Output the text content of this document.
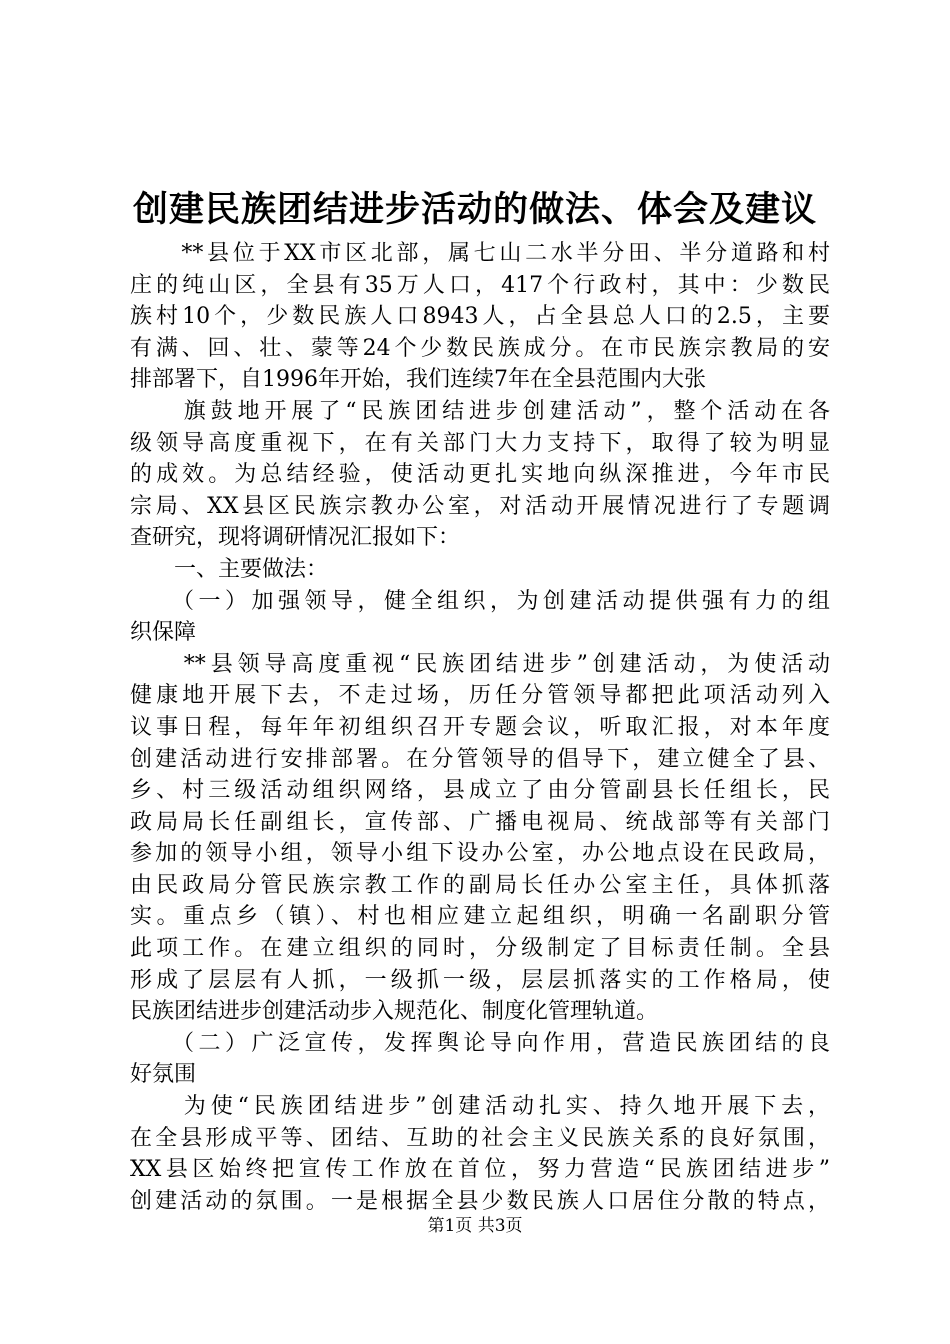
创建民族团结进步活动的做法、体会及建议
　　**县位于XX市区北部，属七山二水半分田、半分道路和村
庄的纯山区，全县有35万人口，417个行政村，其中：少数民
族村10个，少数民族人口8943人，占全县总人口的2.5，主要
有满、回、壮、蒙等24个少数民族成分。在市民族宗教局的安
排部署下，自1996年开始，我们连续7年在全县范围内大张
　　旗鼓地开展了“民族团结进步创建活动”，整个活动在各
级领导高度重视下，在有关部门大力支持下，取得了较为明显
的成效。为总结经验，使活动更扎实地向纵深推进，今年市民
宗局、XX县区民族宗教办公室，对活动开展情况进行了专题调
查研究，现将调研情况汇报如下：
　　一、主要做法：
　　（一）加强领导，健全组织，为创建活动提供强有力的组
织保障
　　**县领导高度重视“民族团结进步”创建活动，为使活动
健康地开展下去，不走过场，历任分管领导都把此项活动列入
议事日程，每年年初组织召开专题会议，听取汇报，对本年度
创建活动进行安排部署。在分管领导的倡导下，建立健全了县、
乡、村三级活动组织网络，县成立了由分管副县长任组长，民
政局局长任副组长，宣传部、广播电视局、统战部等有关部门
参加的领导小组，领导小组下设办公室，办公地点设在民政局，
由民政局分管民族宗教工作的副局长任办公室主任，具体抓落
实。重点乡（镇）、村也相应建立起组织，明确一名副职分管
此项工作。在建立组织的同时，分级制定了目标责任制。全县
形成了层层有人抓，一级抓一级，层层抓落实的工作格局，使
民族团结进步创建活动步入规范化、制度化管理轨道。
　　（二）广泛宣传，发挥舆论导向作用，营造民族团结的良
好氛围
　　为使“民族团结进步”创建活动扎实、持久地开展下去，
在全县形成平等、团结、互助的社会主义民族关系的良好氛围，
XX县区始终把宣传工作放在首位，努力营造“民族团结进步”
创建活动的氛围。一是根据全县少数民族人口居住分散的特点，
第1页 共3页
